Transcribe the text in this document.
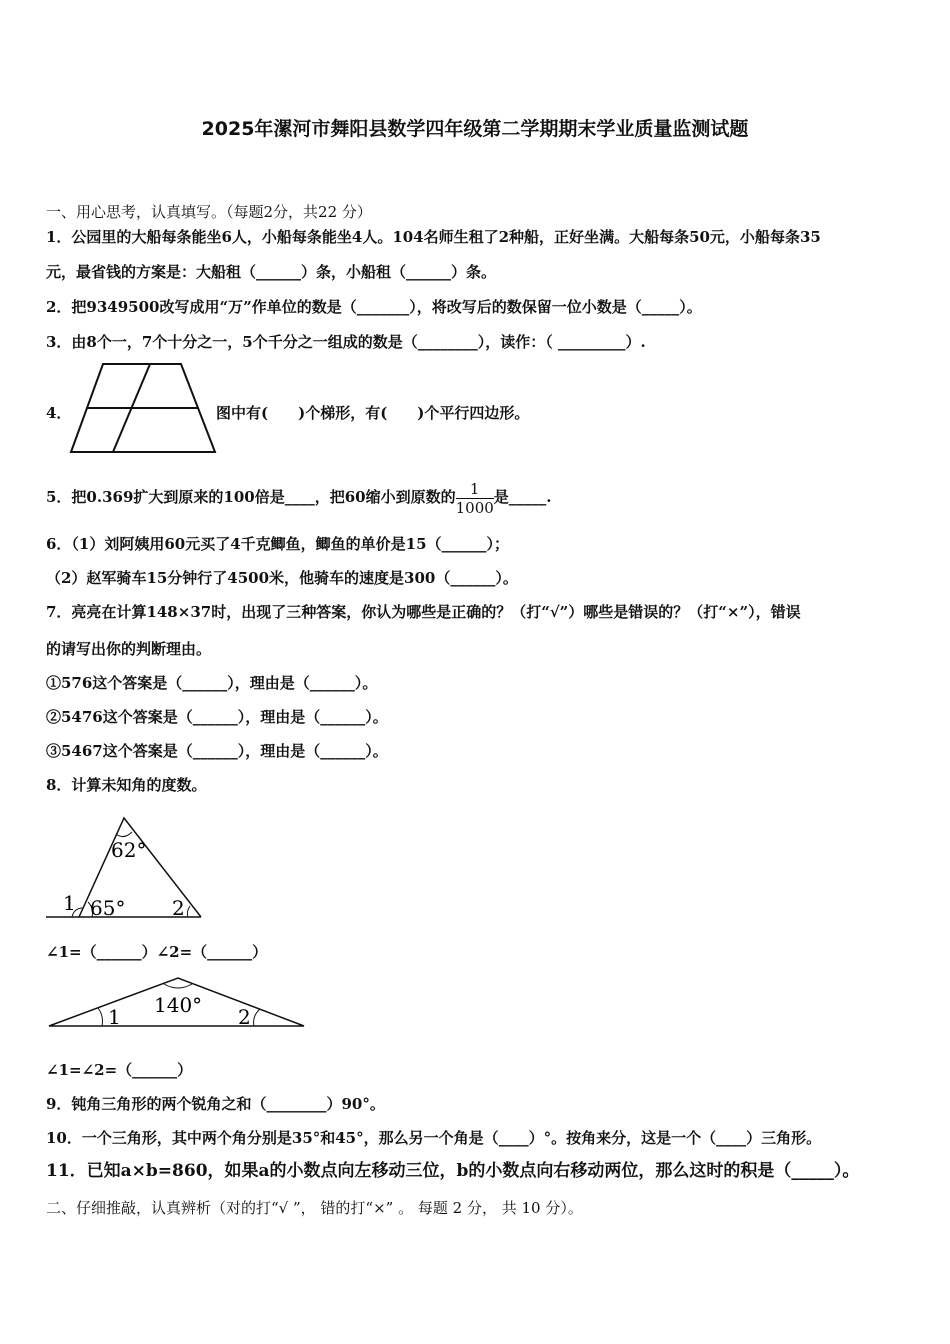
2025年漯河市舞阳县数学四年级第二学期期末学业质量监测试题
一、用心思考，认真填写。（每题2分，共22 分）
1．公园里的大船每条能坐6人，小船每条能坐4人。104名师生租了2种船，正好坐满。大船每条50元，小船每条35
元，最省钱的方案是：大船租（______）条，小船租（______）条。
2．把9349500改写成用“万”作单位的数是（_______），将改写后的数保留一位小数是（_____）。
3．由8个一，7个十分之一，5个千分之一组成的数是（________），读作：（ _________）.
4．	图中有(　　)个梯形，有(　　)个平行四边形。
5．把0.369扩大到原来的100倍是____，把60缩小到原数的 $\frac{1}{1000}$ 是_____.
6．（1）刘阿姨用60元买了4千克鲫鱼，鲫鱼的单价是15（______）；
（2）赵军骑车15分钟行了4500米，他骑车的速度是300（______）。
7．亮亮在计算148×37时，出现了三种答案，你认为哪些是正确的？（打“√”）哪些是错误的？（打“×”），错误
的请写出你的判断理由。
①576这个答案是（______），理由是（______）。
②5476这个答案是（______），理由是（______）。
③5467这个答案是（______），理由是（______）。
8．计算未知角的度数。
62°
65°
1	2
∠1=（______）∠2=（______）
140°
1	2
∠1=∠2=（______）
9．钝角三角形的两个锐角之和（________）90°。
10．一个三角形，其中两个角分别是35°和45°，那么另一个角是（____）°。按角来分，这是一个（____）三角形。
11．已知a×b=860，如果a的小数点向左移动三位，b的小数点向右移动两位，那么这时的积是（_____）。
二、仔细推敲，认真辨析（对的打“√ ”， 错的打“×” 。 每题 2 分， 共 10 分）。
